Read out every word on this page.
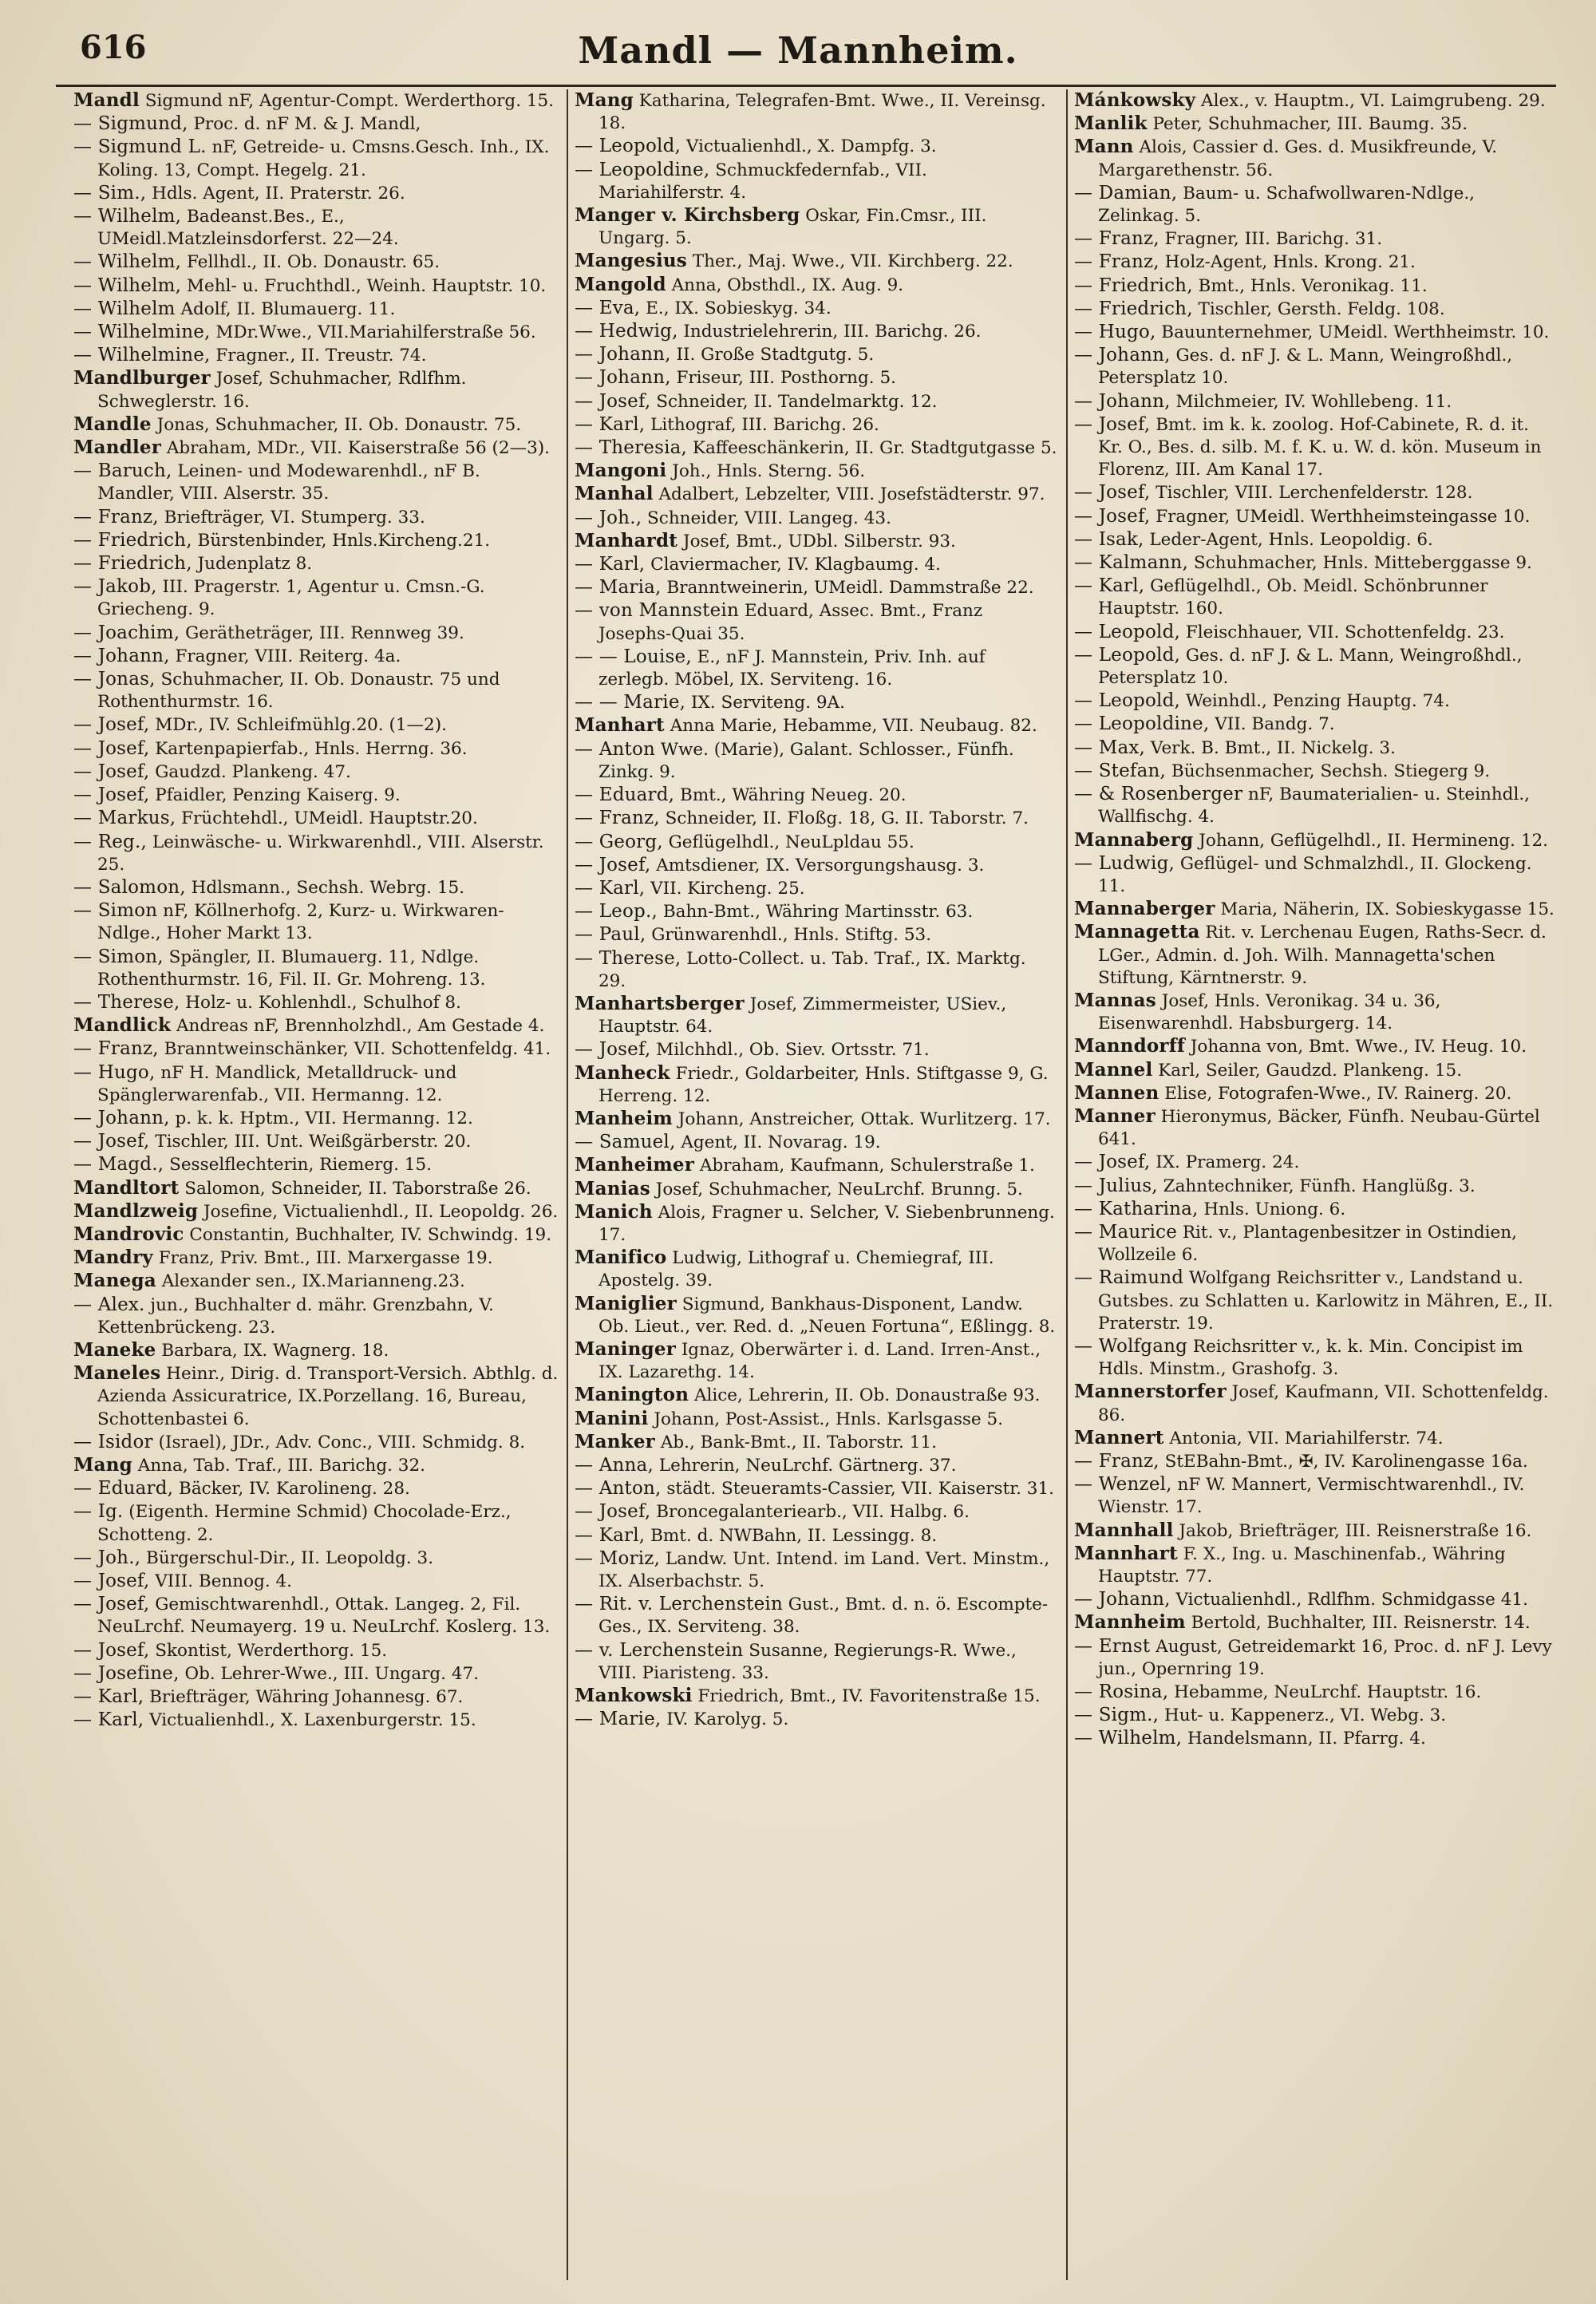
616	Mandl — Mannheim.

Mandl Sigmund nF, Agentur-Compt. Werderthorg. 15.

— Sigmund, Proc. d. nF M. & J. Mandl,

— Sigmund L. nF, Getreide- u. Cmsns.Gesch. Inh., IX. Koling. 13, Compt. Hegelg. 21.

— Sim., Hdls. Agent, II. Praterstr. 26.

— Wilhelm, Badeanst.Bes., E., UMeidl.Matzleinsdorferst. 22—24.

— Wilhelm, Fellhdl., II. Ob. Donaustr. 65.

— Wilhelm, Mehl- u. Fruchthdl., Weinh. Hauptstr. 10.

— Wilhelm Adolf, II. Blumauerg. 11.

— Wilhelmine, MDr.Wwe., VII.Mariahilferstraße 56.

— Wilhelmine, Fragner., II. Treustr. 74.

Mandlburger Josef, Schuhmacher, Rdlfhm. Schweglerstr. 16.

Mandle Jonas, Schuhmacher, II. Ob. Donaustr. 75.

Mandler Abraham, MDr., VII. Kaiserstraße 56 (2—3).

— Baruch, Leinen- und Modewarenhdl., nF B. Mandler, VIII. Alserstr. 35.

— Franz, Briefträger, VI. Stumperg. 33.

— Friedrich, Bürstenbinder, Hnls.Kircheng.21.

— Friedrich, Judenplatz 8.

— Jakob, III. Pragerstr. 1, Agentur u. Cmsn.-G. Griecheng. 9.

— Joachim, Gerätheträger, III. Rennweg 39.

— Johann, Fragner, VIII. Reiterg. 4a.

— Jonas, Schuhmacher, II. Ob. Donaustr. 75 und Rothenthurmstr. 16.

— Josef, MDr., IV. Schleifmühlg.20. (1—2).

— Josef, Kartenpapierfab., Hnls. Herrng. 36.

— Josef, Gaudzd. Plankeng. 47.

— Josef, Pfaidler, Penzing Kaiserg. 9.

— Markus, Früchtehdl., UMeidl. Hauptstr.20.

— Reg., Leinwäsche- u. Wirkwarenhdl., VIII. Alserstr. 25.

— Salomon, Hdlsmann., Sechsh. Webrg. 15.

— Simon nF, Köllnerhofg. 2, Kurz- u. Wirkwaren-Ndlge., Hoher Markt 13.

— Simon, Spängler, II. Blumauerg. 11, Ndlge. Rothenthurmstr. 16, Fil. II. Gr. Mohreng. 13.

— Therese, Holz- u. Kohlenhdl., Schulhof 8.

Mandlick Andreas nF, Brennholzhdl., Am Gestade 4.

— Franz, Branntweinschänker, VII. Schottenfeldg. 41.

— Hugo, nF H. Mandlick, Metalldruck- und Spänglerwarenfab., VII. Hermanng. 12.

— Johann, p. k. k. Hptm., VII. Hermanng. 12.

— Josef, Tischler, III. Unt. Weißgärberstr. 20.

— Magd., Sesselflechterin, Riemerg. 15.

Mandltort Salomon, Schneider, II. Taborstraße 26.

Mandlzweig Josefine, Victualienhdl., II. Leopoldg. 26.

Mandrovic Constantin, Buchhalter, IV. Schwindg. 19.

Mandry Franz, Priv. Bmt., III. Marxergasse 19.

Manega Alexander sen., IX.Marianneng.23.

— Alex. jun., Buchhalter d. mähr. Grenzbahn, V. Kettenbrückeng. 23.

Maneke Barbara, IX. Wagnerg. 18.

Maneles Heinr., Dirig. d. Transport-Versich. Abthlg. d. Azienda Assicuratrice, IX.Porzellang. 16, Bureau, Schottenbastei 6.

— Isidor (Israel), JDr., Adv. Conc., VIII. Schmidg. 8.

Mang Anna, Tab. Traf., III. Barichg. 32.

— Eduard, Bäcker, IV. Karolineng. 28.

— Ig. (Eigenth. Hermine Schmid) Chocolade-Erz., Schotteng. 2.

— Joh., Bürgerschul-Dir., II. Leopoldg. 3.

— Josef, VIII. Bennog. 4.

— Josef, Gemischtwarenhdl., Ottak. Langeg. 2, Fil. NeuLrchf. Neumayerg. 19 u. NeuLrchf. Koslerg. 13.

— Josef, Skontist, Werderthorg. 15.

— Josefine, Ob. Lehrer-Wwe., III. Ungarg. 47.

— Karl, Briefträger, Währing Johannesg. 67.

— Karl, Victualienhdl., X. Laxenburgerstr. 15.

Mang Katharina, Telegrafen-Bmt. Wwe., II. Vereinsg. 18.

— Leopold, Victualienhdl., X. Dampfg. 3.

— Leopoldine, Schmuckfedernfab., VII. Mariahilferstr. 4.

Manger v. Kirchsberg Oskar, Fin.Cmsr., III. Ungarg. 5.

Mangesius Ther., Maj. Wwe., VII. Kirchberg. 22.

Mangold Anna, Obsthdl., IX. Aug. 9.

— Eva, E., IX. Sobieskyg. 34.

— Hedwig, Industrielehrerin, III. Barichg. 26.

— Johann, II. Große Stadtgutg. 5.

— Johann, Friseur, III. Posthorng. 5.

— Josef, Schneider, II. Tandelmarktg. 12.

— Karl, Lithograf, III. Barichg. 26.

— Theresia, Kaffeeschänkerin, II. Gr. Stadtgutgasse 5.

Mangoni Joh., Hnls. Sterng. 56.

Manhal Adalbert, Lebzelter, VIII. Josefstädterstr. 97.

— Joh., Schneider, VIII. Langeg. 43.

Manhardt Josef, Bmt., UDbl. Silberstr. 93.

— Karl, Claviermacher, IV. Klagbaumg. 4.

— Maria, Branntweinerin, UMeidl. Dammstraße 22.

— von Mannstein Eduard, Assec. Bmt., Franz Josephs-Quai 35.

— — Louise, E., nF J. Mannstein, Priv. Inh. auf zerlegb. Möbel, IX. Serviteng. 16.

— — Marie, IX. Serviteng. 9A.

Manhart Anna Marie, Hebamme, VII. Neubaug. 82.

— Anton Wwe. (Marie), Galant. Schlosser., Fünfh. Zinkg. 9.

— Eduard, Bmt., Währing Neueg. 20.

— Franz, Schneider, II. Floßg. 18, G. II. Taborstr. 7.

— Georg, Geflügelhdl., NeuLpldau 55.

— Josef, Amtsdiener, IX. Versorgungshausg. 3.

— Karl, VII. Kircheng. 25.

— Leop., Bahn-Bmt., Währing Martinsstr. 63.

— Paul, Grünwarenhdl., Hnls. Stiftg. 53.

— Therese, Lotto-Collect. u. Tab. Traf., IX. Marktg. 29.

Manhartsberger Josef, Zimmermeister, USiev., Hauptstr. 64.

— Josef, Milchhdl., Ob. Siev. Ortsstr. 71.

Manheck Friedr., Goldarbeiter, Hnls. Stiftgasse 9, G. Herreng. 12.

Manheim Johann, Anstreicher, Ottak. Wurlitzerg. 17.

— Samuel, Agent, II. Novarag. 19.

Manheimer Abraham, Kaufmann, Schulerstraße 1.

Manias Josef, Schuhmacher, NeuLrchf. Brunng. 5.

Manich Alois, Fragner u. Selcher, V. Siebenbrunneng. 17.

Manifico Ludwig, Lithograf u. Chemiegraf, III. Apostelg. 39.

Maniglier Sigmund, Bankhaus-Disponent, Landw. Ob. Lieut., ver. Red. d. „Neuen Fortuna“, Eßlingg. 8.

Maninger Ignaz, Oberwärter i. d. Land. Irren-Anst., IX. Lazarethg. 14.

Manington Alice, Lehrerin, II. Ob. Donaustraße 93.

Manini Johann, Post-Assist., Hnls. Karlsgasse 5.

Manker Ab., Bank-Bmt., II. Taborstr. 11.

— Anna, Lehrerin, NeuLrchf. Gärtnerg. 37.

— Anton, städt. Steueramts-Cassier, VII. Kaiserstr. 31.

— Josef, Broncegalanteriearb., VII. Halbg. 6.

— Karl, Bmt. d. NWBahn, II. Lessingg. 8.

— Moriz, Landw. Unt. Intend. im Land. Vert. Minstm., IX. Alserbachstr. 5.

— Rit. v. Lerchenstein Gust., Bmt. d. n. ö. Escompte-Ges., IX. Serviteng. 38.

— v. Lerchenstein Susanne, Regierungs-R. Wwe., VIII. Piaristeng. 33.

Mankowski Friedrich, Bmt., IV. Favoritenstraße 15.

— Marie, IV. Karolyg. 5.

Mánkowsky Alex., v. Hauptm., VI. Laimgrubeng. 29.

Manlik Peter, Schuhmacher, III. Baumg. 35.

Mann Alois, Cassier d. Ges. d. Musikfreunde, V. Margarethenstr. 56.

— Damian, Baum- u. Schafwollwaren-Ndlge., Zelinkag. 5.

— Franz, Fragner, III. Barichg. 31.

— Franz, Holz-Agent, Hnls. Krong. 21.

— Friedrich, Bmt., Hnls. Veronikag. 11.

— Friedrich, Tischler, Gersth. Feldg. 108.

— Hugo, Bauunternehmer, UMeidl. Werthheimstr. 10.

— Johann, Ges. d. nF J. & L. Mann, Weingroßhdl., Petersplatz 10.

— Johann, Milchmeier, IV. Wohllebeng. 11.

— Josef, Bmt. im k. k. zoolog. Hof-Cabinete, R. d. it. Kr. O., Bes. d. silb. M. f. K. u. W. d. kön. Museum in Florenz, III. Am Kanal 17.

— Josef, Tischler, VIII. Lerchenfelderstr. 128.

— Josef, Fragner, UMeidl. Werthheimsteingasse 10.

— Isak, Leder-Agent, Hnls. Leopoldig. 6.

— Kalmann, Schuhmacher, Hnls. Mitteberggasse 9.

— Karl, Geflügelhdl., Ob. Meidl. Schönbrunner Hauptstr. 160.

— Leopold, Fleischhauer, VII. Schottenfeldg. 23.

— Leopold, Ges. d. nF J. & L. Mann, Weingroßhdl., Petersplatz 10.

— Leopold, Weinhdl., Penzing Hauptg. 74.

— Leopoldine, VII. Bandg. 7.

— Max, Verk. B. Bmt., II. Nickelg. 3.

— Stefan, Büchsenmacher, Sechsh. Stiegerg 9.

— & Rosenberger nF, Baumaterialien- u. Steinhdl., Wallfischg. 4.

Mannaberg Johann, Geflügelhdl., II. Hermineng. 12.

— Ludwig, Geflügel- und Schmalzhdl., II. Glockeng. 11.

Mannaberger Maria, Näherin, IX. Sobieskygasse 15.

Mannagetta Rit. v. Lerchenau Eugen, Raths-Secr. d. LGer., Admin. d. Joh. Wilh. Mannagetta'schen Stiftung, Kärntnerstr. 9.

Mannas Josef, Hnls. Veronikag. 34 u. 36, Eisenwarenhdl. Habsburgerg. 14.

Manndorff Johanna von, Bmt. Wwe., IV. Heug. 10.

Mannel Karl, Seiler, Gaudzd. Plankeng. 15.

Mannen Elise, Fotografen-Wwe., IV. Rainerg. 20.

Manner Hieronymus, Bäcker, Fünfh. Neubau-Gürtel 641.

— Josef, IX. Pramerg. 24.

— Julius, Zahntechniker, Fünfh. Hanglüßg. 3.

— Katharina, Hnls. Uniong. 6.

— Maurice Rit. v., Plantagenbesitzer in Ostindien, Wollzeile 6.

— Raimund Wolfgang Reichsritter v., Landstand u. Gutsbes. zu Schlatten u. Karlowitz in Mähren, E., II. Praterstr. 19.

— Wolfgang Reichsritter v., k. k. Min. Concipist im Hdls. Minstm., Grashofg. 3.

Mannerstorfer Josef, Kaufmann, VII. Schottenfeldg. 86.

Mannert Antonia, VII. Mariahilferstr. 74.

— Franz, StEBahn-Bmt., ✠, IV. Karolinengasse 16a.

— Wenzel, nF W. Mannert, Vermischtwarenhdl., IV. Wienstr. 17.

Mannhall Jakob, Briefträger, III. Reisnerstraße 16.

Mannhart F. X., Ing. u. Maschinenfab., Währing Hauptstr. 77.

— Johann, Victualienhdl., Rdlfhm. Schmidgasse 41.

Mannheim Bertold, Buchhalter, III. Reisnerstr. 14.

— Ernst August, Getreidemarkt 16, Proc. d. nF J. Levy jun., Opernring 19.

— Rosina, Hebamme, NeuLrchf. Hauptstr. 16.

— Sigm., Hut- u. Kappenerz., VI. Webg. 3.

— Wilhelm, Handelsmann, II. Pfarrg. 4.
